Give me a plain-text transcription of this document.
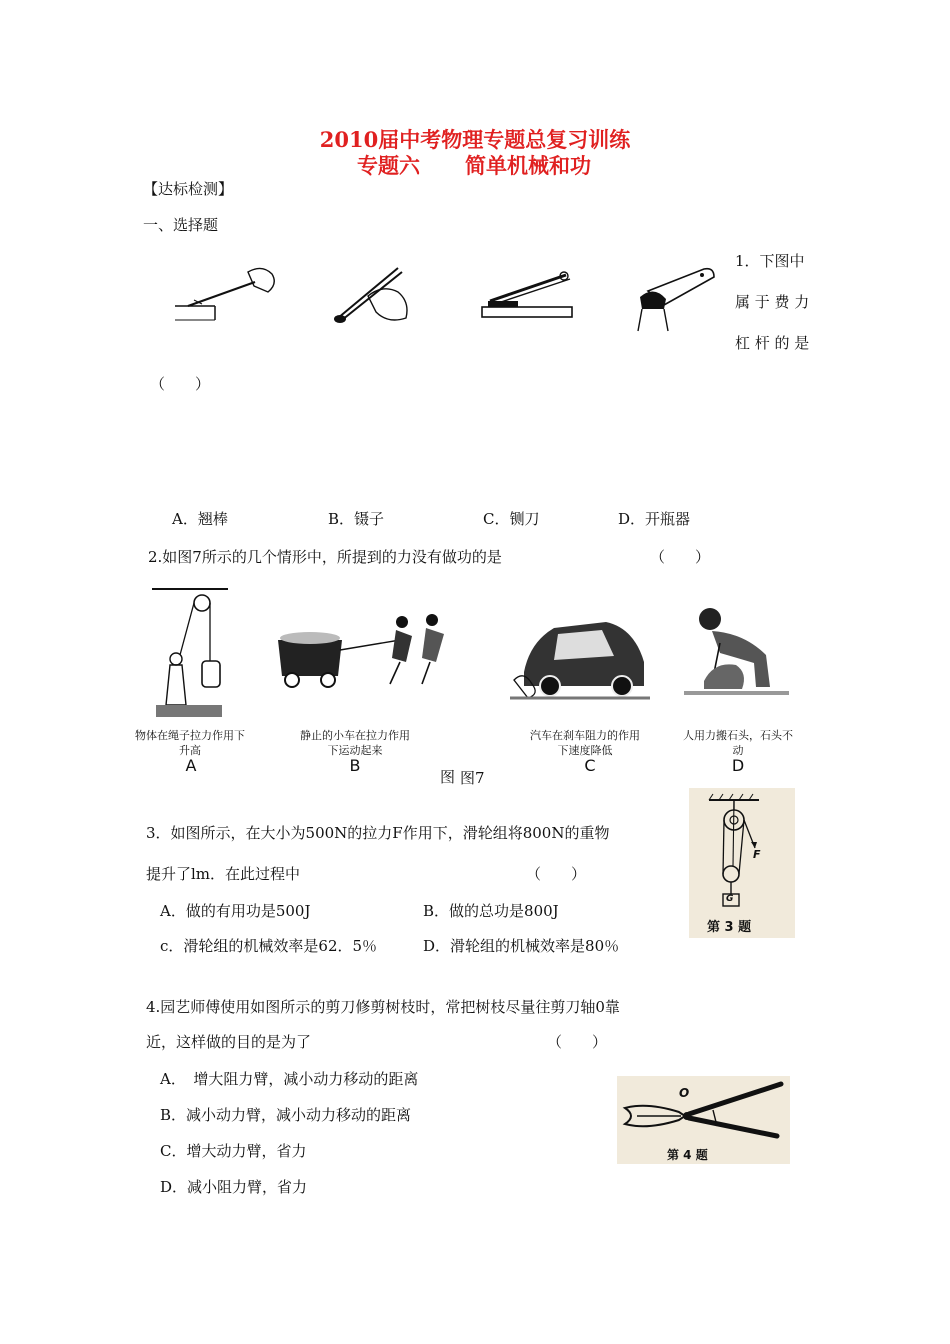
2010届中考物理专题总复习训练
专题六 简单机械和功
【达标检测】
一、选择题
1．下图中
属 于 费 力
杠 杆 的 是
（　　）
A．翘棒	B．镊子	C．铡刀	D．开瓶器
2.如图7所示的几个情形中，所提到的力没有做功的是	（　　）
物体在绳子拉力作用下升高
静止的小车在拉力作用下运动起来
汽车在刹车阻力的作用下速度降低
人用力搬石头，石头不动
A	B	C	D
图 图7
3．如图所示，在大小为500N的拉力F作用下，滑轮组将800N的重物
提升了lm．在此过程中	（　　）
A．做的有用功是500J	B．做的总功是800J
c．滑轮组的机械效率是62．5％	D．滑轮组的机械效率是80％
F
G
第 3 题
4.园艺师傅使用如图所示的剪刀修剪树枝时，常把树枝尽量往剪刀轴0靠
近，这样做的目的是为了	（　　）
A．　增大阻力臂，减小动力移动的距离
B．减小动力臂，减小动力移动的距离
C．增大动力臂，省力
D．减小阻力臂，省力
O
第 4 题
